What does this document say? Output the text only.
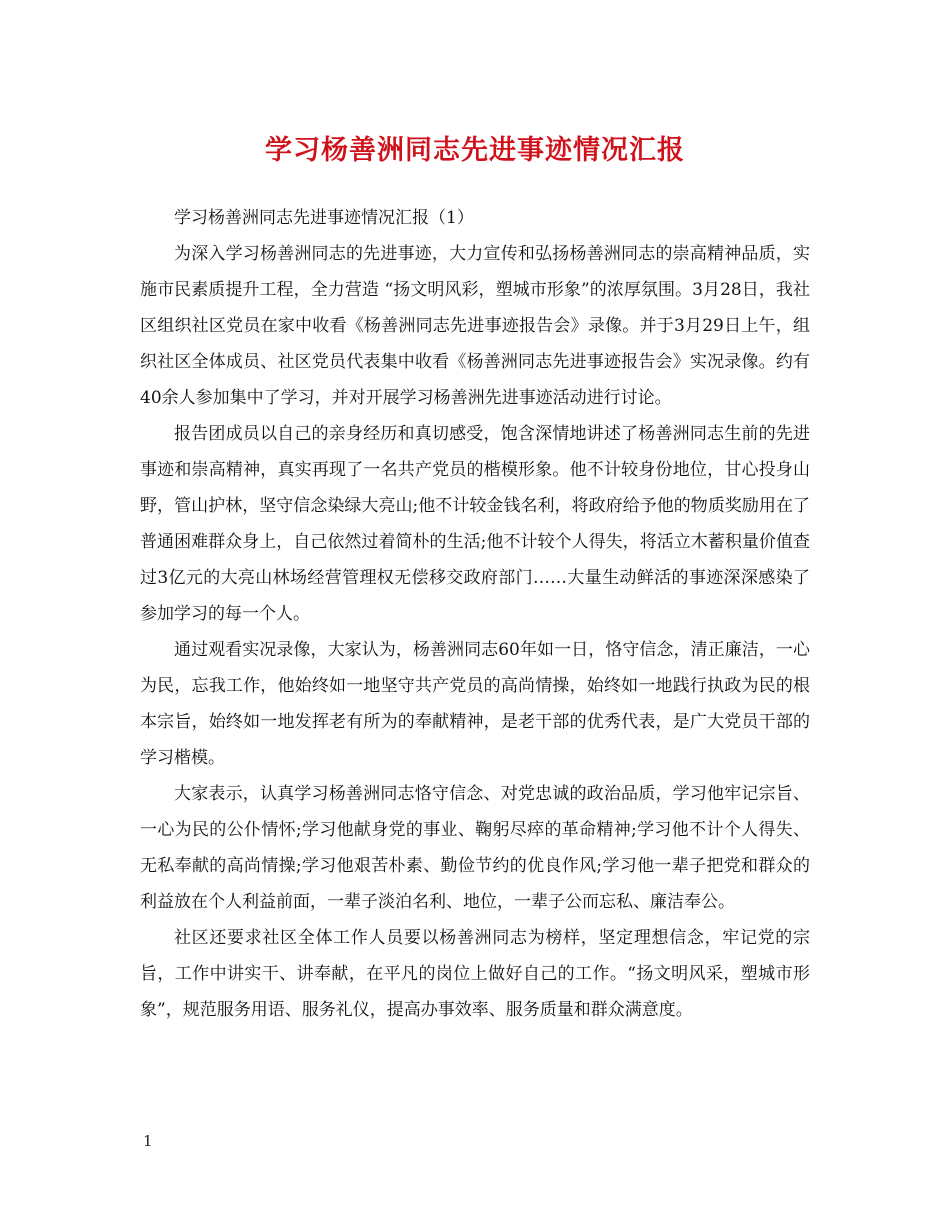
学习杨善洲同志先进事迹情况汇报

学习杨善洲同志先进事迹情况汇报（1）

为深入学习杨善洲同志的先进事迹，大力宣传和弘扬杨善洲同志的崇高精神品质，实施市民素质提升工程，全力营造 “扬文明风彩，塑城市形象”的浓厚氛围。3月28日，我社区组织社区党员在家中收看《杨善洲同志先进事迹报告会》录像。并于3月29日上午，组织社区全体成员、社区党员代表集中收看《杨善洲同志先进事迹报告会》实况录像。约有40余人参加集中了学习，并对开展学习杨善洲先进事迹活动进行讨论。

报告团成员以自己的亲身经历和真切感受，饱含深情地讲述了杨善洲同志生前的先进事迹和崇高精神，真实再现了一名共产党员的楷模形象。他不计较身份地位，甘心投身山野，管山护林，坚守信念染绿大亮山;他不计较金钱名利，将政府给予他的物质奖励用在了普通困难群众身上，自己依然过着简朴的生活;他不计较个人得失，将活立木蓄积量价值查过3亿元的大亮山林场经营管理权无偿移交政府部门……大量生动鲜活的事迹深深感染了参加学习的每一个人。

通过观看实况录像，大家认为，杨善洲同志60年如一日，恪守信念，清正廉洁，一心为民，忘我工作，他始终如一地坚守共产党员的高尚情操，始终如一地践行执政为民的根本宗旨，始终如一地发挥老有所为的奉献精神，是老干部的优秀代表，是广大党员干部的学习楷模。

大家表示，认真学习杨善洲同志恪守信念、对党忠诚的政治品质，学习他牢记宗旨、一心为民的公仆情怀;学习他献身党的事业、鞠躬尽瘁的革命精神;学习他不计个人得失、无私奉献的高尚情操;学习他艰苦朴素、勤俭节约的优良作风;学习他一辈子把党和群众的利益放在个人利益前面，一辈子淡泊名利、地位，一辈子公而忘私、廉洁奉公。

社区还要求社区全体工作人员要以杨善洲同志为榜样，坚定理想信念，牢记党的宗旨，工作中讲实干、讲奉献，在平凡的岗位上做好自己的工作。“扬文明风采，塑城市形象”，规范服务用语、服务礼仪，提高办事效率、服务质量和群众满意度。

1
